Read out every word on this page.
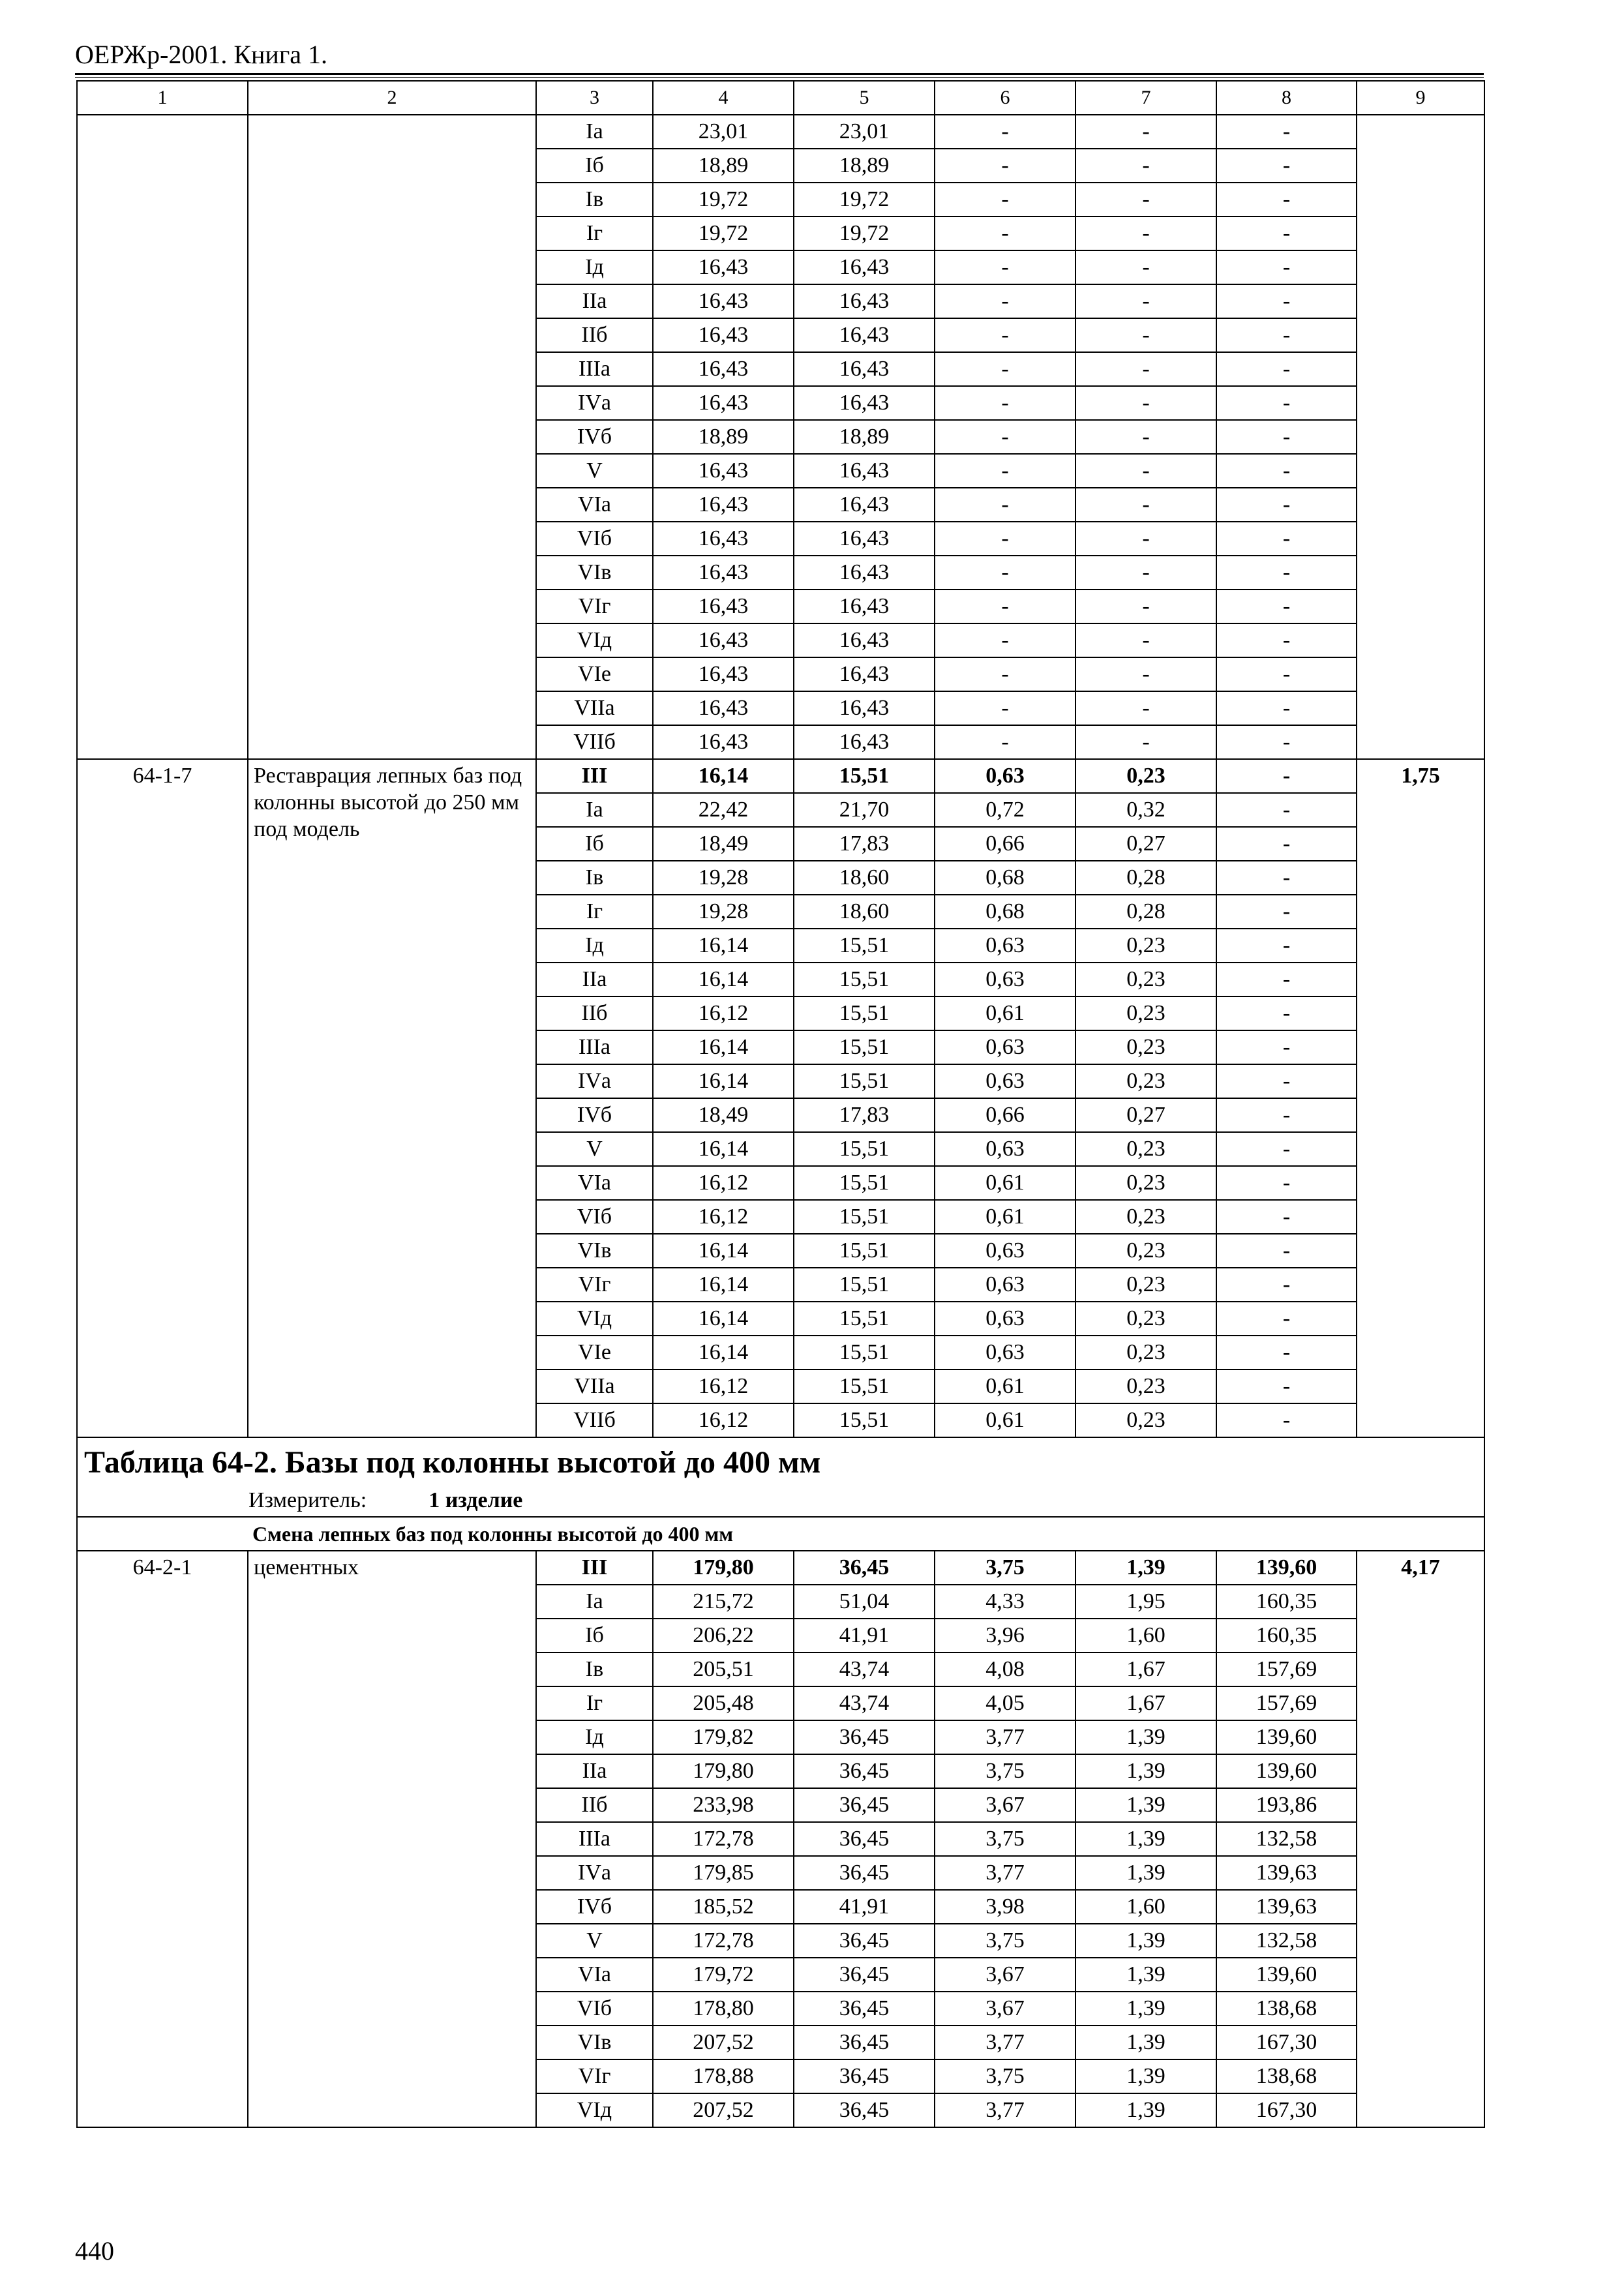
ОЕРЖр-2001. Книга 1.
1	2	3	4	5	6	7	8	9
		Iа	23,01	23,01	-	-	-	
		Iб	18,89	18,89	-	-	-	
		Iв	19,72	19,72	-	-	-	
		Iг	19,72	19,72	-	-	-	
		Iд	16,43	16,43	-	-	-	
		IIа	16,43	16,43	-	-	-	
		IIб	16,43	16,43	-	-	-	
		IIIа	16,43	16,43	-	-	-	
		IVа	16,43	16,43	-	-	-	
		IVб	18,89	18,89	-	-	-	
		V	16,43	16,43	-	-	-	
		VIа	16,43	16,43	-	-	-	
		VIб	16,43	16,43	-	-	-	
		VIв	16,43	16,43	-	-	-	
		VIг	16,43	16,43	-	-	-	
		VIд	16,43	16,43	-	-	-	
		VIе	16,43	16,43	-	-	-	
		VIIа	16,43	16,43	-	-	-	
		VIIб	16,43	16,43	-	-	-	
64-1-7	Реставрация лепных баз под колонны высотой до 250 мм под модель	III	16,14	15,51	0,63	0,23	-	1,75
		Iа	22,42	21,70	0,72	0,32	-	
		Iб	18,49	17,83	0,66	0,27	-	
		Iв	19,28	18,60	0,68	0,28	-	
		Iг	19,28	18,60	0,68	0,28	-	
		Iд	16,14	15,51	0,63	0,23	-	
		IIа	16,14	15,51	0,63	0,23	-	
		IIб	16,12	15,51	0,61	0,23	-	
		IIIа	16,14	15,51	0,63	0,23	-	
		IVа	16,14	15,51	0,63	0,23	-	
		IVб	18,49	17,83	0,66	0,27	-	
		V	16,14	15,51	0,63	0,23	-	
		VIа	16,12	15,51	0,61	0,23	-	
		VIб	16,12	15,51	0,61	0,23	-	
		VIв	16,14	15,51	0,63	0,23	-	
		VIг	16,14	15,51	0,63	0,23	-	
		VIд	16,14	15,51	0,63	0,23	-	
		VIе	16,14	15,51	0,63	0,23	-	
		VIIа	16,12	15,51	0,61	0,23	-	
		VIIб	16,12	15,51	0,61	0,23	-	

Таблица 64-2. Базы под колонны высотой до 400 мм
Измеритель: 1 изделие								

Смена лепных баз под колонны высотой до 400 мм								
64-2-1	цементных	III	179,80	36,45	3,75	1,39	139,60	4,17
		Iа	215,72	51,04	4,33	1,95	160,35	
		Iб	206,22	41,91	3,96	1,60	160,35	
		Iв	205,51	43,74	4,08	1,67	157,69	
		Iг	205,48	43,74	4,05	1,67	157,69	
		Iд	179,82	36,45	3,77	1,39	139,60	
		IIа	179,80	36,45	3,75	1,39	139,60	
		IIб	233,98	36,45	3,67	1,39	193,86	
		IIIа	172,78	36,45	3,75	1,39	132,58	
		IVа	179,85	36,45	3,77	1,39	139,63	
		IVб	185,52	41,91	3,98	1,60	139,63	
		V	172,78	36,45	3,75	1,39	132,58	
		VIа	179,72	36,45	3,67	1,39	139,60	
		VIб	178,80	36,45	3,67	1,39	138,68	
		VIв	207,52	36,45	3,77	1,39	167,30	
		VIг	178,88	36,45	3,75	1,39	138,68	
		VIд	207,52	36,45	3,77	1,39	167,30	
440
